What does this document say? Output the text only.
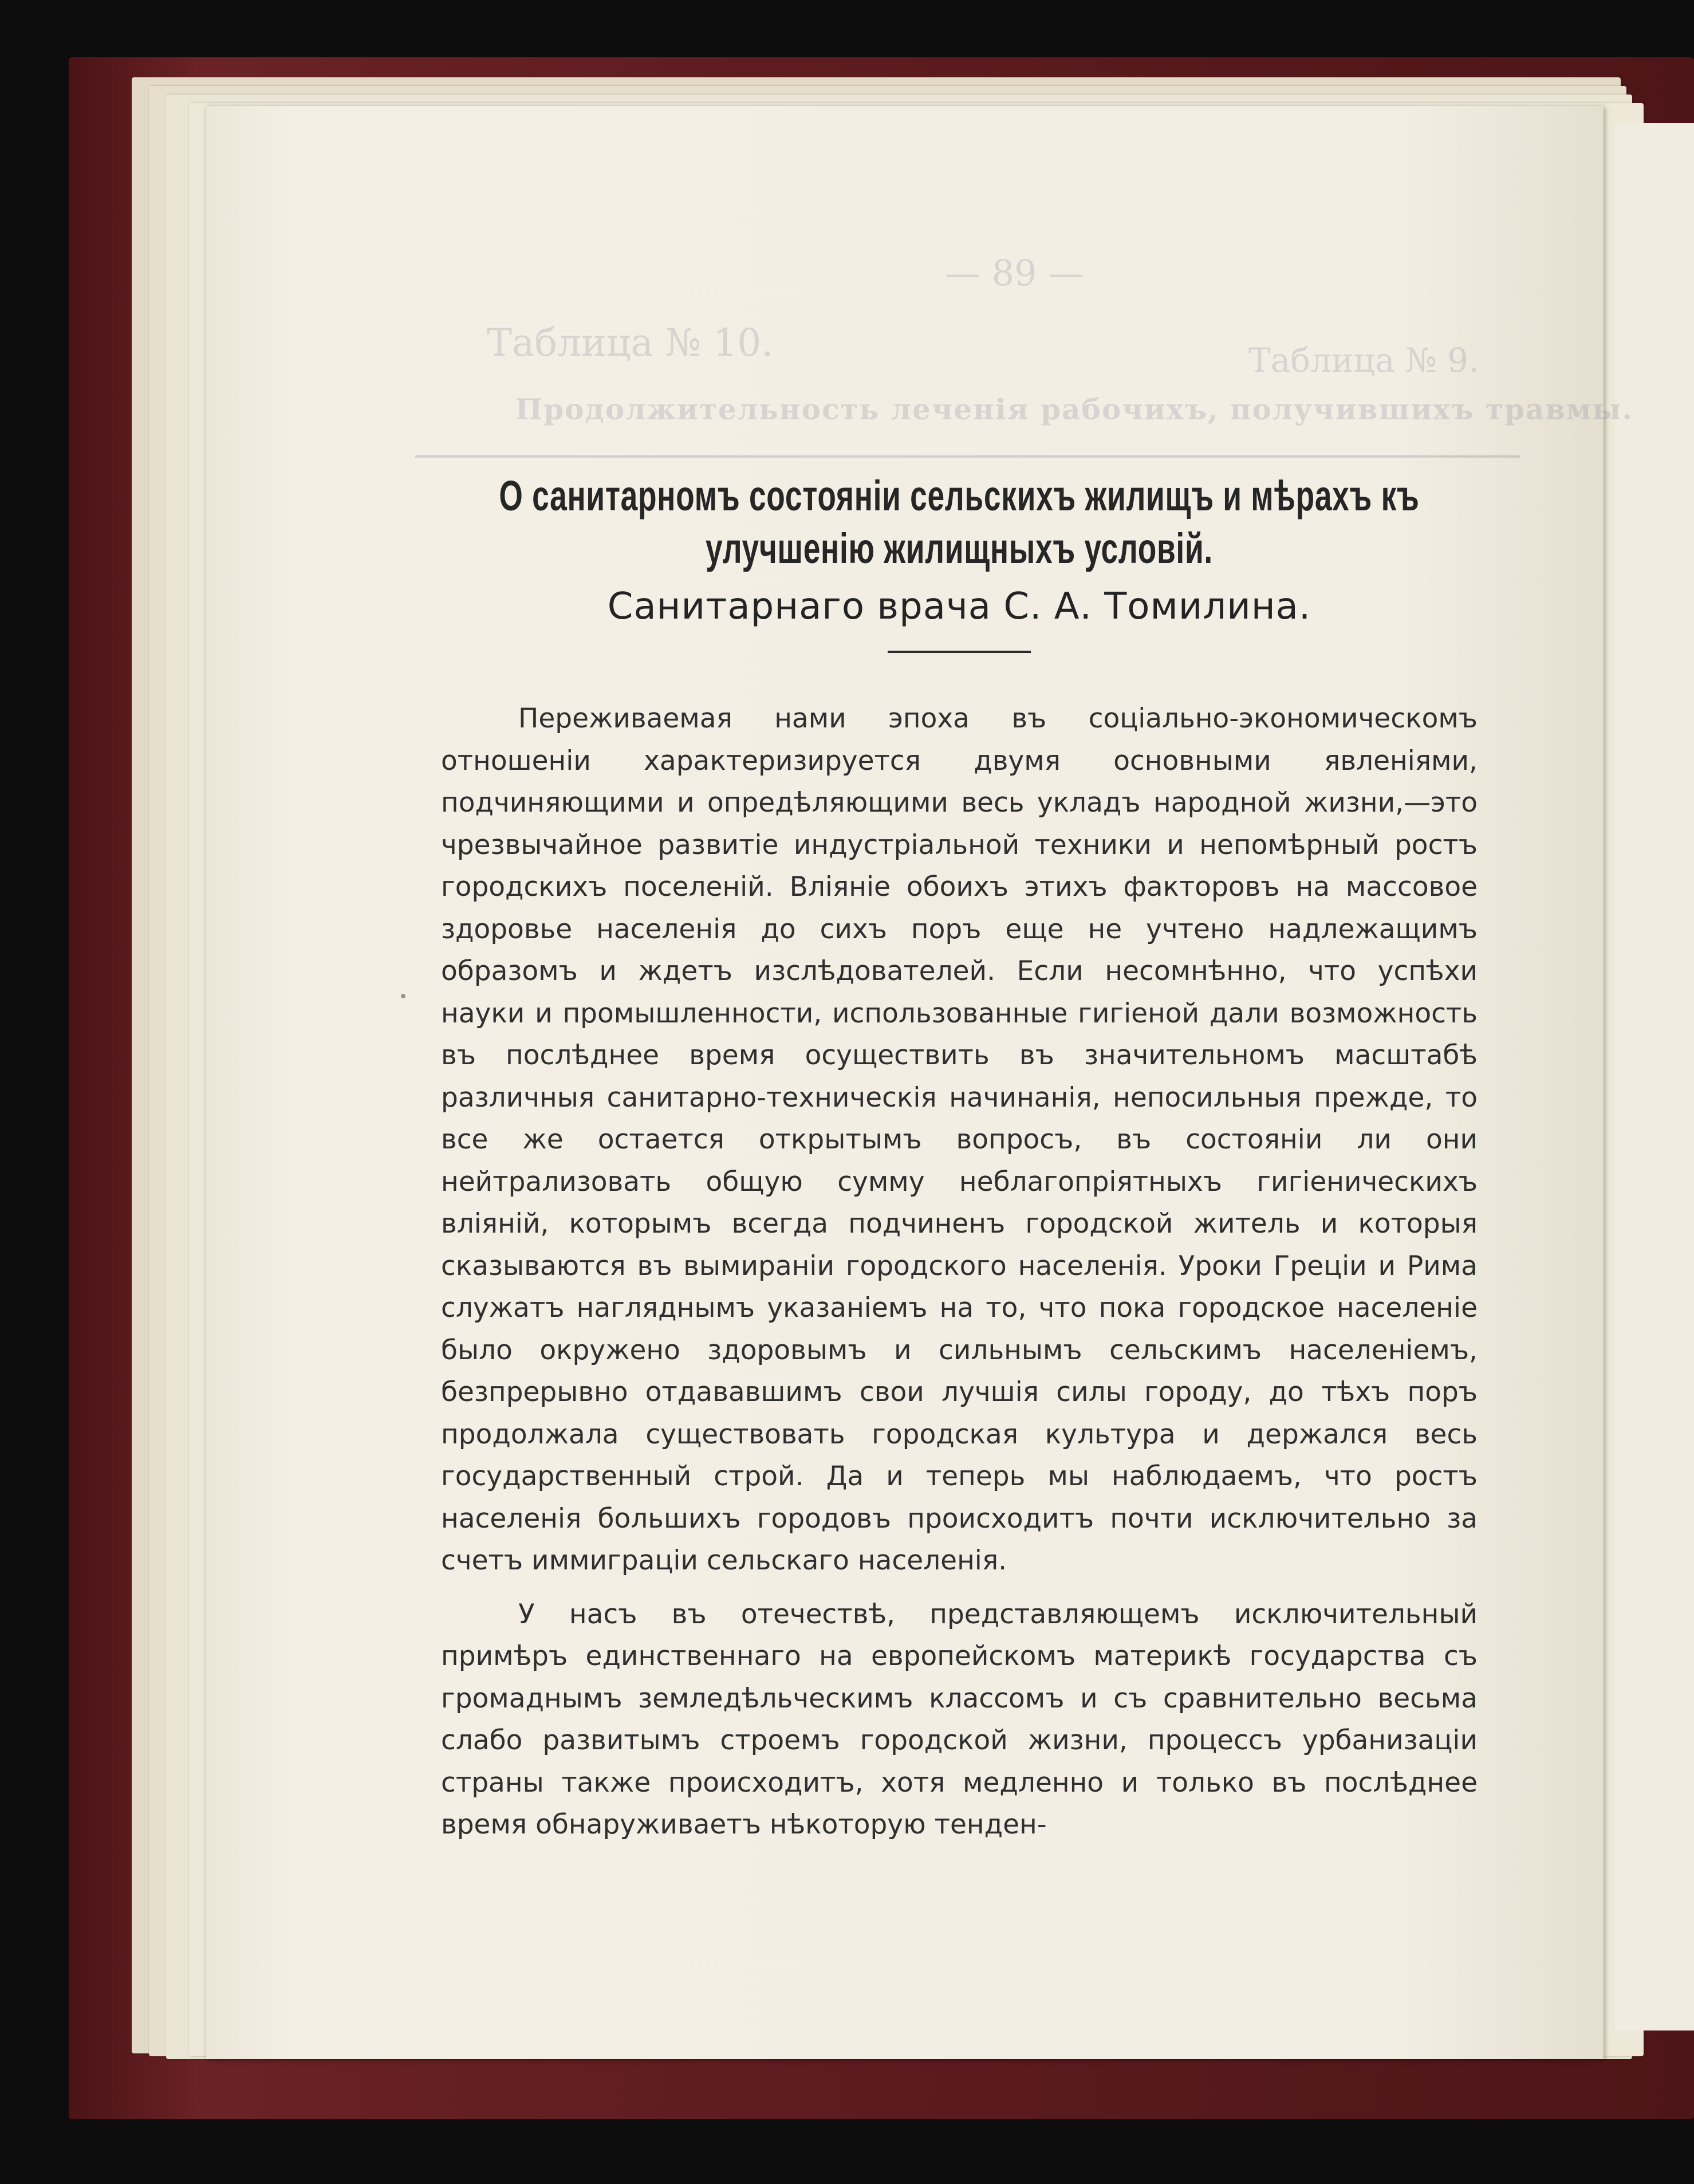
— 89 —
Таблица № 10.
Продолжительность леченія рабочихъ, получившихъ травмы.
Таблица № 9.
О санитарномъ состояніи сельскихъ жилищъ и мѣрахъ къ улучшенію жилищныхъ условій.
Санитарнаго врача С. А. Томилина.

Переживаемая нами эпоха въ соціально-экономическомъ отношеніи характеризируется двумя основными явленіями, подчиняющими и опредѣляющими весь укладъ народной жизни,—это чрезвычайное развитіе индустріальной техники и непомѣрный ростъ городскихъ поселеній. Вліяніе обоихъ этихъ факторовъ на массовое здоровье населенія до сихъ поръ еще не учтено надлежащимъ образомъ и ждетъ изслѣдователей. Если несомнѣнно, что успѣхи науки и промышленности, использованные гигіеной дали возможность въ послѣднее время осуществить въ значительномъ масштабѣ различныя санитарно-техническія начинанія, непосильныя прежде, то все же остается открытымъ вопросъ, въ состояніи ли они нейтрализовать общую сумму неблагопріятныхъ гигіеническихъ вліяній, которымъ всегда подчиненъ городской житель и которыя сказываются въ вымираніи городского населенія. Уроки Греціи и Рима служатъ нагляднымъ указаніемъ на то, что пока городское населеніе было окружено здоровымъ и сильнымъ сельскимъ населеніемъ, безпрерывно отдававшимъ свои лучшія силы городу, до тѣхъ поръ продолжала существовать городская культура и держался весь государственный строй. Да и теперь мы наблюдаемъ, что ростъ населенія большихъ городовъ происходитъ почти исключительно за счетъ иммиграціи сельскаго населенія.

У насъ въ отечествѣ, представляющемъ исключительный примѣръ единственнаго на европейскомъ материкѣ государства съ громаднымъ земледѣльческимъ классомъ и съ сравнительно весьма слабо развитымъ строемъ городской жизни, процессъ урбанизаціи страны также происходитъ, хотя медленно и только въ послѣднее время обнаруживаетъ нѣкоторую тенден-
